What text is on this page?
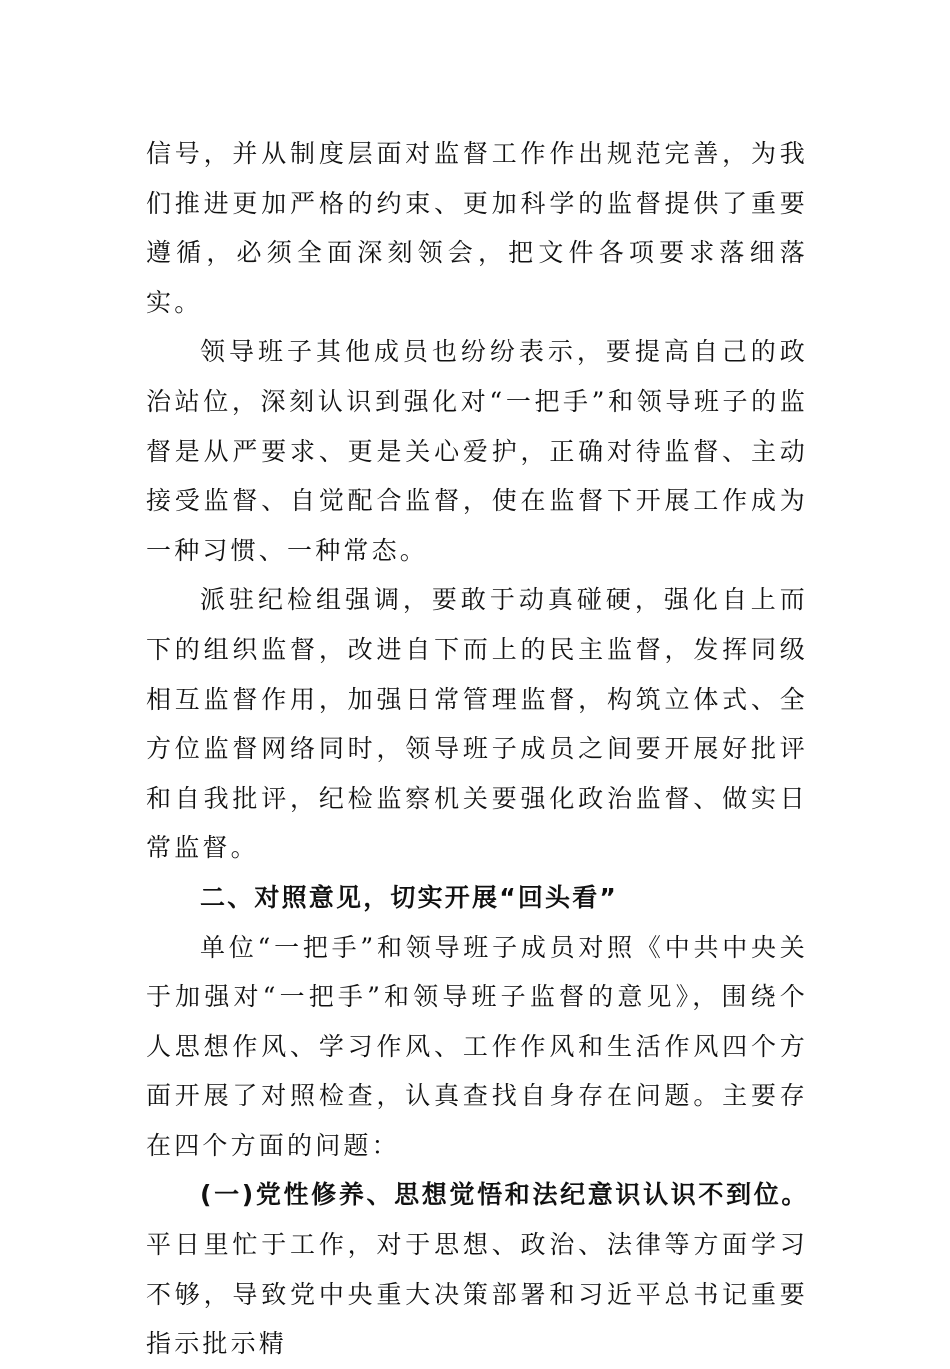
信号，并从制度层面对监督工作作出规范完善，为我们推进更加严格的约束、更加科学的监督提供了重要遵循，必须全面深刻领会，把文件各项要求落细落实。

领导班子其他成员也纷纷表示，要提高自己的政治站位，深刻认识到强化对“一把手”和领导班子的监督是从严要求、更是关心爱护，正确对待监督、主动接受监督、自觉配合监督，使在监督下开展工作成为一种习惯、一种常态。

派驻纪检组强调，要敢于动真碰硬，强化自上而下的组织监督，改进自下而上的民主监督，发挥同级相互监督作用，加强日常管理监督，构筑立体式、全方位监督网络同时，领导班子成员之间要开展好批评和自我批评，纪检监察机关要强化政治监督、做实日常监督。

二、对照意见，切实开展“回头看”

单位“一把手”和领导班子成员对照《中共中央关于加强对“一把手”和领导班子监督的意见》，围绕个人思想作风、学习作风、工作作风和生活作风四个方面开展了对照检查，认真查找自身存在问题。主要存在四个方面的问题：

(一)党性修养、思想觉悟和法纪意识认识不到位。平日里忙于工作，对于思想、政治、法律等方面学习不够，导致党中央重大决策部署和习近平总书记重要指示批示精
